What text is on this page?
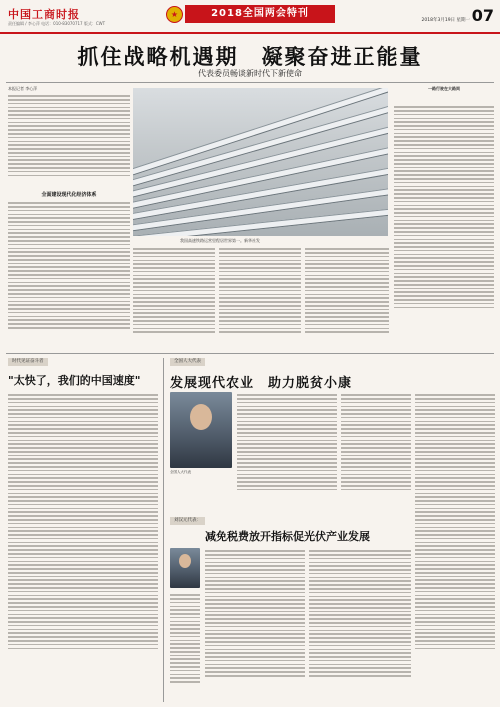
中国工商时报
责任编辑 / 李心萍 电话：010-83070717 版式：CWT
★	2018全国两会特刊
2018年3月19日 星期一 07
抓住战略机遇期　凝聚奋进正能量
代表委员畅谈新时代下新使命
本报记者 李心萍
全面建设现代化经济体系
我国高速铁路运营里程居世界第一。新华社发
一路行驶在大路间
时代见证奋斗者
"太快了，我们的中国速度"
全国人大代表
发展现代农业　助力脱贫小康
全国人大代表
刘汉元代表：
减免税费放开指标促光伏产业发展
